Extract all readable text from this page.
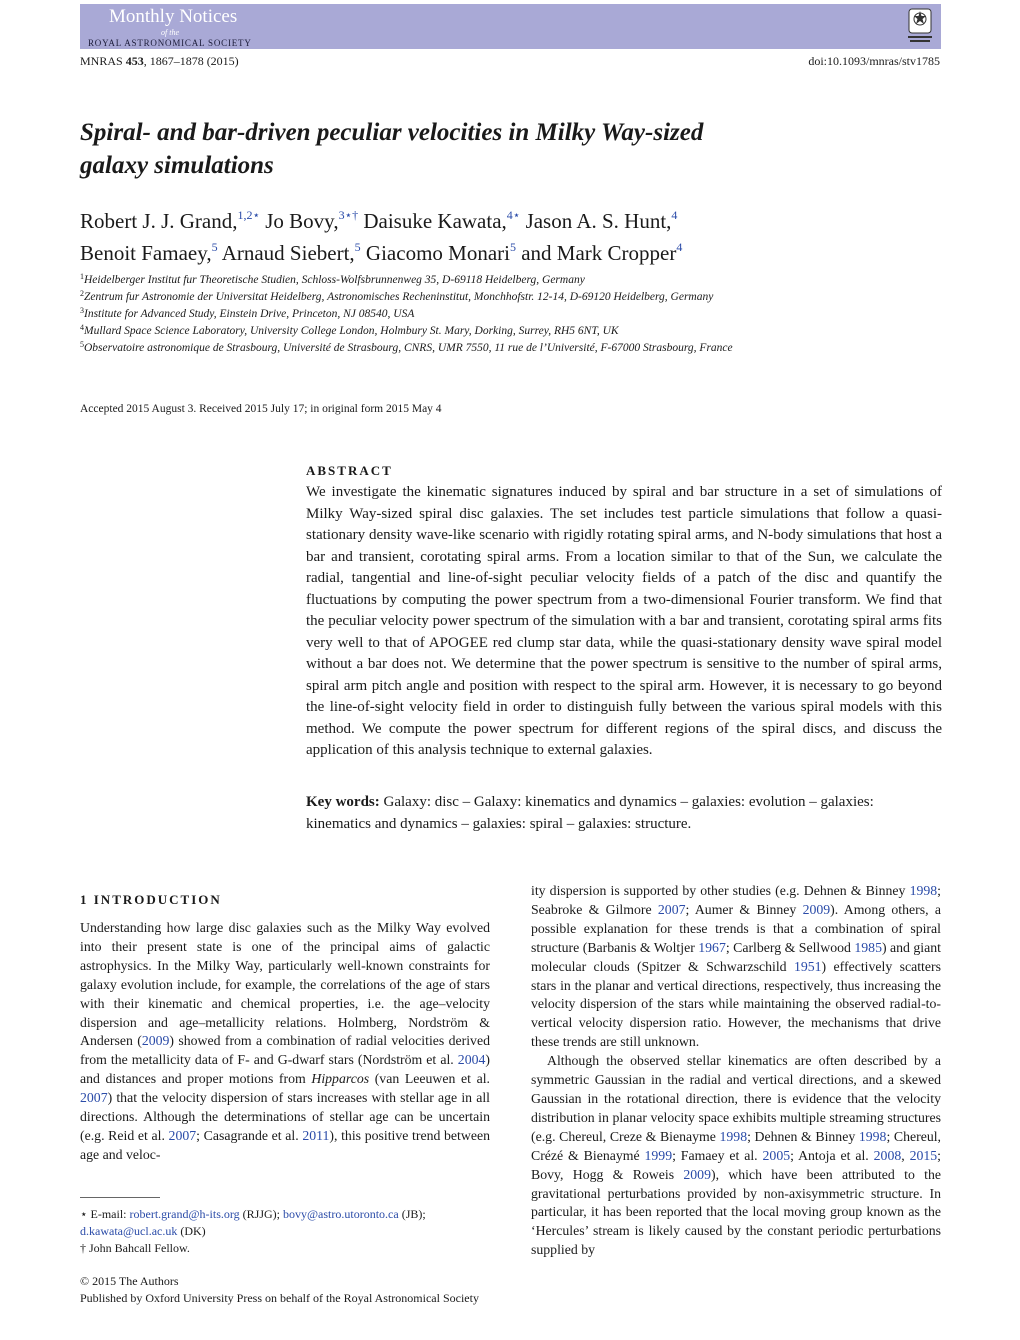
Monthly Notices
of the
ROYAL ASTRONOMICAL SOCIETY
MNRAS 453, 1867–1878 (2015)	doi:10.1093/mnras/stv1785
Spiral- and bar-driven peculiar velocities in Milky Way-sized
galaxy simulations
Robert J. J. Grand,$^{1,2⋆}$ Jo Bovy,$^{3⋆\dagger}$ Daisuke Kawata,$^{4⋆}$ Jason A. S. Hunt,$^4$
Benoit Famaey,$^5$ Arnaud Siebert,$^5$ Giacomo Monari$^5$ and Mark Cropper$^4$
$^1$Heidelberger Institut fur Theoretische Studien, Schloss-Wolfsbrunnenweg 35, D-69118 Heidelberg, Germany
$^2$Zentrum fur Astronomie der Universitat Heidelberg, Astronomisches Recheninstitut, Monchhofstr. 12-14, D-69120 Heidelberg, Germany
$^3$Institute for Advanced Study, Einstein Drive, Princeton, NJ 08540, USA
$^4$Mullard Space Science Laboratory, University College London, Holmbury St. Mary, Dorking, Surrey, RH5 6NT, UK
$^5$Observatoire astronomique de Strasbourg, Université de Strasbourg, CNRS, UMR 7550, 11 rue de l’Université, F-67000 Strasbourg, France
Accepted 2015 August 3. Received 2015 July 17; in original form 2015 May 4
ABSTRACT
We investigate the kinematic signatures induced by spiral and bar structure in a set of simulations of Milky Way-sized spiral disc galaxies. The set includes test particle simulations that follow a quasi-stationary density wave-like scenario with rigidly rotating spiral arms, and N-body simulations that host a bar and transient, corotating spiral arms. From a location similar to that of the Sun, we calculate the radial, tangential and line-of-sight peculiar velocity fields of a patch of the disc and quantify the fluctuations by computing the power spectrum from a two-dimensional Fourier transform. We find that the peculiar velocity power spectrum of the simulation with a bar and transient, corotating spiral arms fits very well to that of APOGEE red clump star data, while the quasi-stationary density wave spiral model without a bar does not. We determine that the power spectrum is sensitive to the number of spiral arms, spiral arm pitch angle and position with respect to the spiral arm. However, it is necessary to go beyond the line-of-sight velocity field in order to distinguish fully between the various spiral models with this method. We compute the power spectrum for different regions of the spiral discs, and discuss the application of this analysis technique to external galaxies.
Key words: Galaxy: disc – Galaxy: kinematics and dynamics – galaxies: evolution – galaxies: kinematics and dynamics – galaxies: spiral – galaxies: structure.
1 INTRODUCTION

Understanding how large disc galaxies such as the Milky Way evolved into their present state is one of the principal aims of galactic astrophysics. In the Milky Way, particularly well-known constraints for galaxy evolution include, for example, the correlations of the age of stars with their kinematic and chemical properties, i.e. the age–velocity dispersion and age–metallicity relations. Holmberg, Nordström & Andersen (2009) showed from a combination of radial velocities derived from the metallicity data of F- and G-dwarf stars (Nordström et al. 2004) and distances and proper motions from Hipparcos (van Leeuwen et al. 2007) that the velocity dispersion of stars increases with stellar age in all directions. Although the determinations of stellar age can be uncertain (e.g. Reid et al. 2007; Casagrande et al. 2011), this positive trend between age and veloc-

ity dispersion is supported by other studies (e.g. Dehnen & Binney 1998; Seabroke & Gilmore 2007; Aumer & Binney 2009). Among others, a possible explanation for these trends is that a combination of spiral structure (Barbanis & Woltjer 1967; Carlberg & Sellwood 1985) and giant molecular clouds (Spitzer & Schwarzschild 1951) effectively scatters stars in the planar and vertical directions, respectively, thus increasing the velocity dispersion of the stars while maintaining the observed radial-to-vertical velocity dispersion ratio. However, the mechanisms that drive these trends are still unknown.

Although the observed stellar kinematics are often described by a symmetric Gaussian in the radial and vertical directions, and a skewed Gaussian in the rotational direction, there is evidence that the velocity distribution in planar velocity space exhibits multiple streaming structures (e.g. Chereul, Creze & Bienayme 1998; Dehnen & Binney 1998; Chereul, Crézé & Bienaymé 1999; Famaey et al. 2005; Antoja et al. 2008, 2015; Bovy, Hogg & Roweis 2009), which have been attributed to the gravitational perturbations provided by non-axisymmetric structure. In particular, it has been reported that the local moving group known as the ‘Hercules’ stream is likely caused by the constant periodic perturbations supplied by

⋆ E-mail: robert.grand@h-its.org (RJJG); bovy@astro.utoronto.ca (JB);
d.kawata@ucl.ac.uk (DK)
† John Bahcall Fellow.
© 2015 The Authors
Published by Oxford University Press on behalf of the Royal Astronomical Society
